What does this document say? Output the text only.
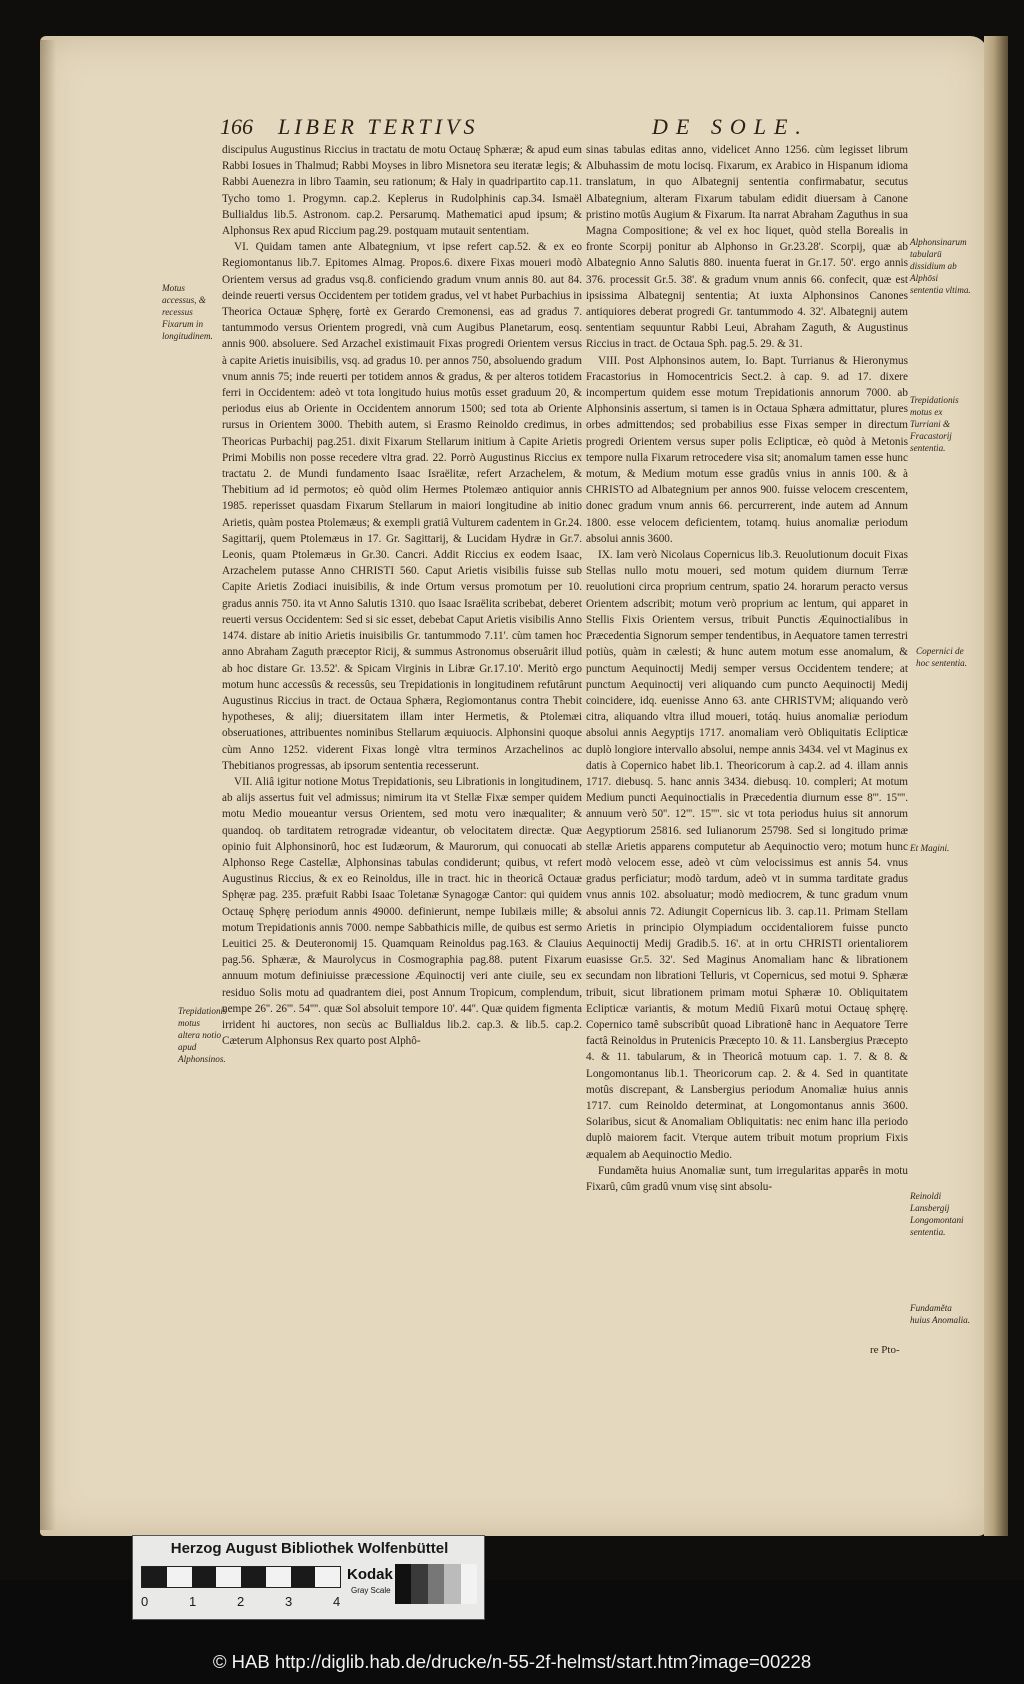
166 LIBER TERTIVS	DE SOLE.

discipulus Augustinus Riccius in tractatu de motu Octauę Sphæræ; & apud eum Rabbi Iosues in Thalmud; Rabbi Moyses in libro Misnetora seu iteratæ legis; & Rabbi Auenezra in libro Taamin, seu rationum; & Haly in quadripartito cap.11. Tycho tomo 1. Progymn. cap.2. Keplerus in Rudolphinis cap.34. Ismaël Bullialdus lib.5. Astronom. cap.2. Persarumq. Mathematici apud ipsum; & Alphonsus Rex apud Riccium pag.29. postquam mutauit sententiam.

VI. Quidam tamen ante Albategnium, vt ipse refert cap.52. & ex eo Regiomontanus lib.7. Epitomes Almag. Propos.6. dixere Fixas moueri modò Orientem versus ad gradus vsq.8. conficiendo gradum vnum annis 80. aut 84. deinde reuerti versus Occidentem per totidem gradus, vel vt habet Purbachius in Theorica Octauæ Sphęrę, fortè ex Gerardo Cremonensi, eas ad gradus 7. tantummodo versus Orientem progredi, vnà cum Augibus Planetarum, eosq. annis 900. absoluere. Sed Arzachel existimauit Fixas progredi Orientem versus à capite Arietis inuisibilis, vsq. ad gradus 10. per annos 750, absoluendo gradum vnum annis 75; inde reuerti per totidem annos & gradus, & per alteros totidem ferri in Occidentem: adeò vt tota longitudo huius motûs esset graduum 20, & periodus eius ab Oriente in Occidentem annorum 1500; sed tota ab Oriente rursus in Orientem 3000. Thebith autem, si Erasmo Reinoldo credimus, in Theoricas Purbachij pag.251. dixit Fixarum Stellarum initium à Capite Arietis Primi Mobilis non posse recedere vltra grad. 22. Porrò Augustinus Riccius ex tractatu 2. de Mundi fundamento Isaac Israëlitæ, refert Arzachelem, & Thebitium ad id permotos; eò quòd olim Hermes Ptolemæo antiquior annis 1985. reperisset quasdam Fixarum Stellarum in maiori longitudine ab initio Arietis, quàm postea Ptolemæus; & exempli gratiâ Vulturem cadentem in Gr.24. Sagittarij, quem Ptolemæus in 17. Gr. Sagittarij, & Lucidam Hydræ in Gr.7. Leonis, quam Ptolemæus in Gr.30. Cancri. Addit Riccius ex eodem Isaac, Arzachelem putasse Anno CHRISTI 560. Caput Arietis visibilis fuisse sub Capite Arietis Zodiaci inuisibilis, & inde Ortum versus promotum per 10. gradus annis 750. ita vt Anno Salutis 1310. quo Isaac Israëlita scribebat, deberet reuerti versus Occidentem: Sed si sic esset, debebat Caput Arietis visibilis Anno 1474. distare ab initio Arietis inuisibilis Gr. tantummodo 7.11'. cùm tamen hoc anno Abraham Zaguth præceptor Ricij, & summus Astronomus obseruârit illud ab hoc distare Gr. 13.52'. & Spicam Virginis in Libræ Gr.17.10'. Meritò ergo motum hunc accessûs & recessûs, seu Trepidationis in longitudinem refutârunt Augustinus Riccius in tract. de Octaua Sphæra, Regiomontanus contra Thebit hypotheses, & alij; diuersitatem illam inter Hermetis, & Ptolemæi obseruationes, attribuentes nominibus Stellarum æquiuocis. Alphonsini quoque cùm Anno 1252. viderent Fixas longè vltra terminos Arzachelinos ac Thebitianos progressas, ab ipsorum sententia recesserunt.

VII. Aliâ igitur notione Motus Trepidationis, seu Librationis in longitudinem, ab alijs assertus fuit vel admissus; nimirum ita vt Stellæ Fixæ semper quidem motu Medio moueantur versus Orientem, sed motu vero inæqualiter; & quandoq. ob tarditatem retrogradæ videantur, ob velocitatem directæ. Quæ opinio fuit Alphonsinorû, hoc est Iudæorum, & Maurorum, qui conuocati ab Alphonso Rege Castellæ, Alphonsinas tabulas condiderunt; quibus, vt refert Augustinus Riccius, & ex eo Reinoldus, ille in tract. hic in theoricâ Octauæ Sphęræ pag. 235. præfuit Rabbi Isaac Toletanæ Synagogæ Cantor: qui quidem Octauę Sphęrę periodum annis 49000. definierunt, nempe Iubilæis mille; & motum Trepidationis annis 7000. nempe Sabbathicis mille, de quibus est sermo Leuitici 25. & Deuteronomij 15. Quamquam Reinoldus pag.163. & Clauius pag.56. Sphæræ, & Maurolycus in Cosmographia pag.88. putent Fixarum annuum motum definiuisse præcessione Æquinoctij veri ante ciuile, seu ex residuo Solis motu ad quadrantem diei, post Annum Tropicum, complendum, nempe 26''. 26'''. 54''''. quæ Sol absoluit tempore 10'. 44''. Quæ quidem figmenta irrident hi auctores, non secùs ac Bullialdus lib.2. cap.3. & lib.5. cap.2. Cæterum Alphonsus Rex quarto post Alphô-

sinas tabulas editas anno, videlicet Anno 1256. cùm legisset librum Albuhassim de motu locisq. Fixarum, ex Arabico in Hispanum idioma translatum, in quo Albategnij sententia confirmabatur, secutus Albategnium, alteram Fixarum tabulam edidit diuersam à Canone pristino motûs Augium & Fixarum. Ita narrat Abraham Zaguthus in sua Magna Compositione; & vel ex hoc liquet, quòd stella Borealis in fronte Scorpij ponitur ab Alphonso in Gr.23.28'. Scorpij, quæ ab Albategnio Anno Salutis 880. inuenta fuerat in Gr.17. 50'. ergo annis 376. processit Gr.5. 38'. & gradum vnum annis 66. confecit, quæ est ipsissima Albategnij sententia; At iuxta Alphonsinos Canones antiquiores deberat progredi Gr. tantummodo 4. 32'. Albategnij autem sententiam sequuntur Rabbi Leui, Abraham Zaguth, & Augustinus Riccius in tract. de Octaua Sph. pag.5. 29. & 31.

VIII. Post Alphonsinos autem, Io. Bapt. Turrianus & Hieronymus Fracastorius in Homocentricis Sect.2. à cap. 9. ad 17. dixere incompertum quidem esse motum Trepidationis annorum 7000. ab Alphonsinis assertum, si tamen is in Octaua Sphæra admittatur, plures orbes admittendos; sed probabilius esse Fixas semper in directum progredi Orientem versus super polis Eclipticæ, eò quòd à Metonis tempore nulla Fixarum retrocedere visa sit; anomalum tamen esse hunc motum, & Medium motum esse gradûs vnius in annis 100. & à CHRISTO ad Albategnium per annos 900. fuisse velocem crescentem, donec gradum vnum annis 66. percurrerent, inde autem ad Annum 1800. esse velocem deficientem, totamq. huius anomaliæ periodum absolui annis 3600.

IX. Iam verò Nicolaus Copernicus lib.3. Reuolutionum docuit Fixas Stellas nullo motu moueri, sed motum quidem diurnum Terræ reuolutioni circa proprium centrum, spatio 24. horarum peracto versus Orientem adscribit; motum verò proprium ac lentum, qui apparet in Stellis Fixis Orientem versus, tribuit Punctis Æquinoctialibus in Præcedentia Signorum semper tendentibus, in Aequatore tamen terrestri potiùs, quàm in cælesti; & hunc autem motum esse anomalum, & punctum Aequinoctij Medij semper versus Occidentem tendere; at punctum Aequinoctij veri aliquando cum puncto Aequinoctij Medij coincidere, idq. euenisse Anno 63. ante CHRISTVM; aliquando verò citra, aliquando vltra illud moueri, totáq. huius anomaliæ periodum absolui annis Aegyptijs 1717. anomaliam verò Obliquitatis Eclipticæ duplò longiore intervallo absolui, nempe annis 3434. vel vt Maginus ex datis à Copernico habet lib.1. Theoricorum à cap.2. ad 4. illam annis 1717. diebusq. 5. hanc annis 3434. diebusq. 10. compleri; At motum Medium puncti Aequinoctialis in Præcedentia diurnum esse 8'''. 15''''. annuum verò 50''. 12'''. 15''''. sic vt tota periodus huius sit annorum Aegyptiorum 25816. sed Iulianorum 25798. Sed si longitudo primæ stellæ Arietis apparens computetur ab Aequinoctio vero; motum hunc modò velocem esse, adeò vt cùm velocissimus est annis 54. vnus gradus perficiatur; modò tardum, adeò vt in summa tarditate gradus vnus annis 102. absoluatur; modò mediocrem, & tunc gradum vnum absolui annis 72. Adiungit Copernicus lib. 3. cap.11. Primam Stellam Arietis in principio Olympiadum occidentaliorem fuisse puncto Aequinoctij Medij Gradib.5. 16'. at in ortu CHRISTI orientaliorem euasisse Gr.5. 32'. Sed Maginus Anomaliam hanc & librationem secundam non librationi Telluris, vt Copernicus, sed motui 9. Sphæræ tribuit, sicut librationem primam motui Sphæræ 10. Obliquitatem Eclipticæ variantis, & motum Mediû Fixarû motui Octauę sphęrę. Copernico tamê subscribût quoad Librationê hanc in Aequatore Terre factâ Reinoldus in Prutenicis Præcepto 10. & 11. Lansbergius Præcepto 4. & 11. tabularum, & in Theoricâ motuum cap. 1. 7. & 8. & Longomontanus lib.1. Theoricorum cap. 2. & 4. Sed in quantitate motûs discrepant, & Lansbergius periodum Anomaliæ huius annis 1717. cum Reinoldo determinat, at Longomontanus annis 3600. Solaribus, sicut & Anomaliam Obliquitatis: nec enim hanc illa periodo duplò maiorem facit. Vterque autem tribuit motum proprium Fixis æqualem ab Aequinoctio Medio.

Fundaměta huius Anomaliæ sunt, tum irregularitas apparês in motu Fixarû, cûm gradû vnum visę sint absolu-

Motus accessus, & recessus Fixarum in longitudinem.
Trepidationis motus altera notio apud Alphonsinos.
Alphonsinarum tabularū dissidium ab Alphōsi sententia vltima.
Trepidationis motus ex Turriani & Fracastorij sententia.
Copernici de hoc sententia.
Et Magini.
Reinoldi Lansbergij Longomontani sententia.
Fundaměta huius Anomalia.
re Pto-
Herzog August Bibliothek Wolfenbüttel
0	1	2	3	4
Kodak
Gray Scale
© HAB http://diglib.hab.de/drucke/n-55-2f-helmst/start.htm?image=00228
